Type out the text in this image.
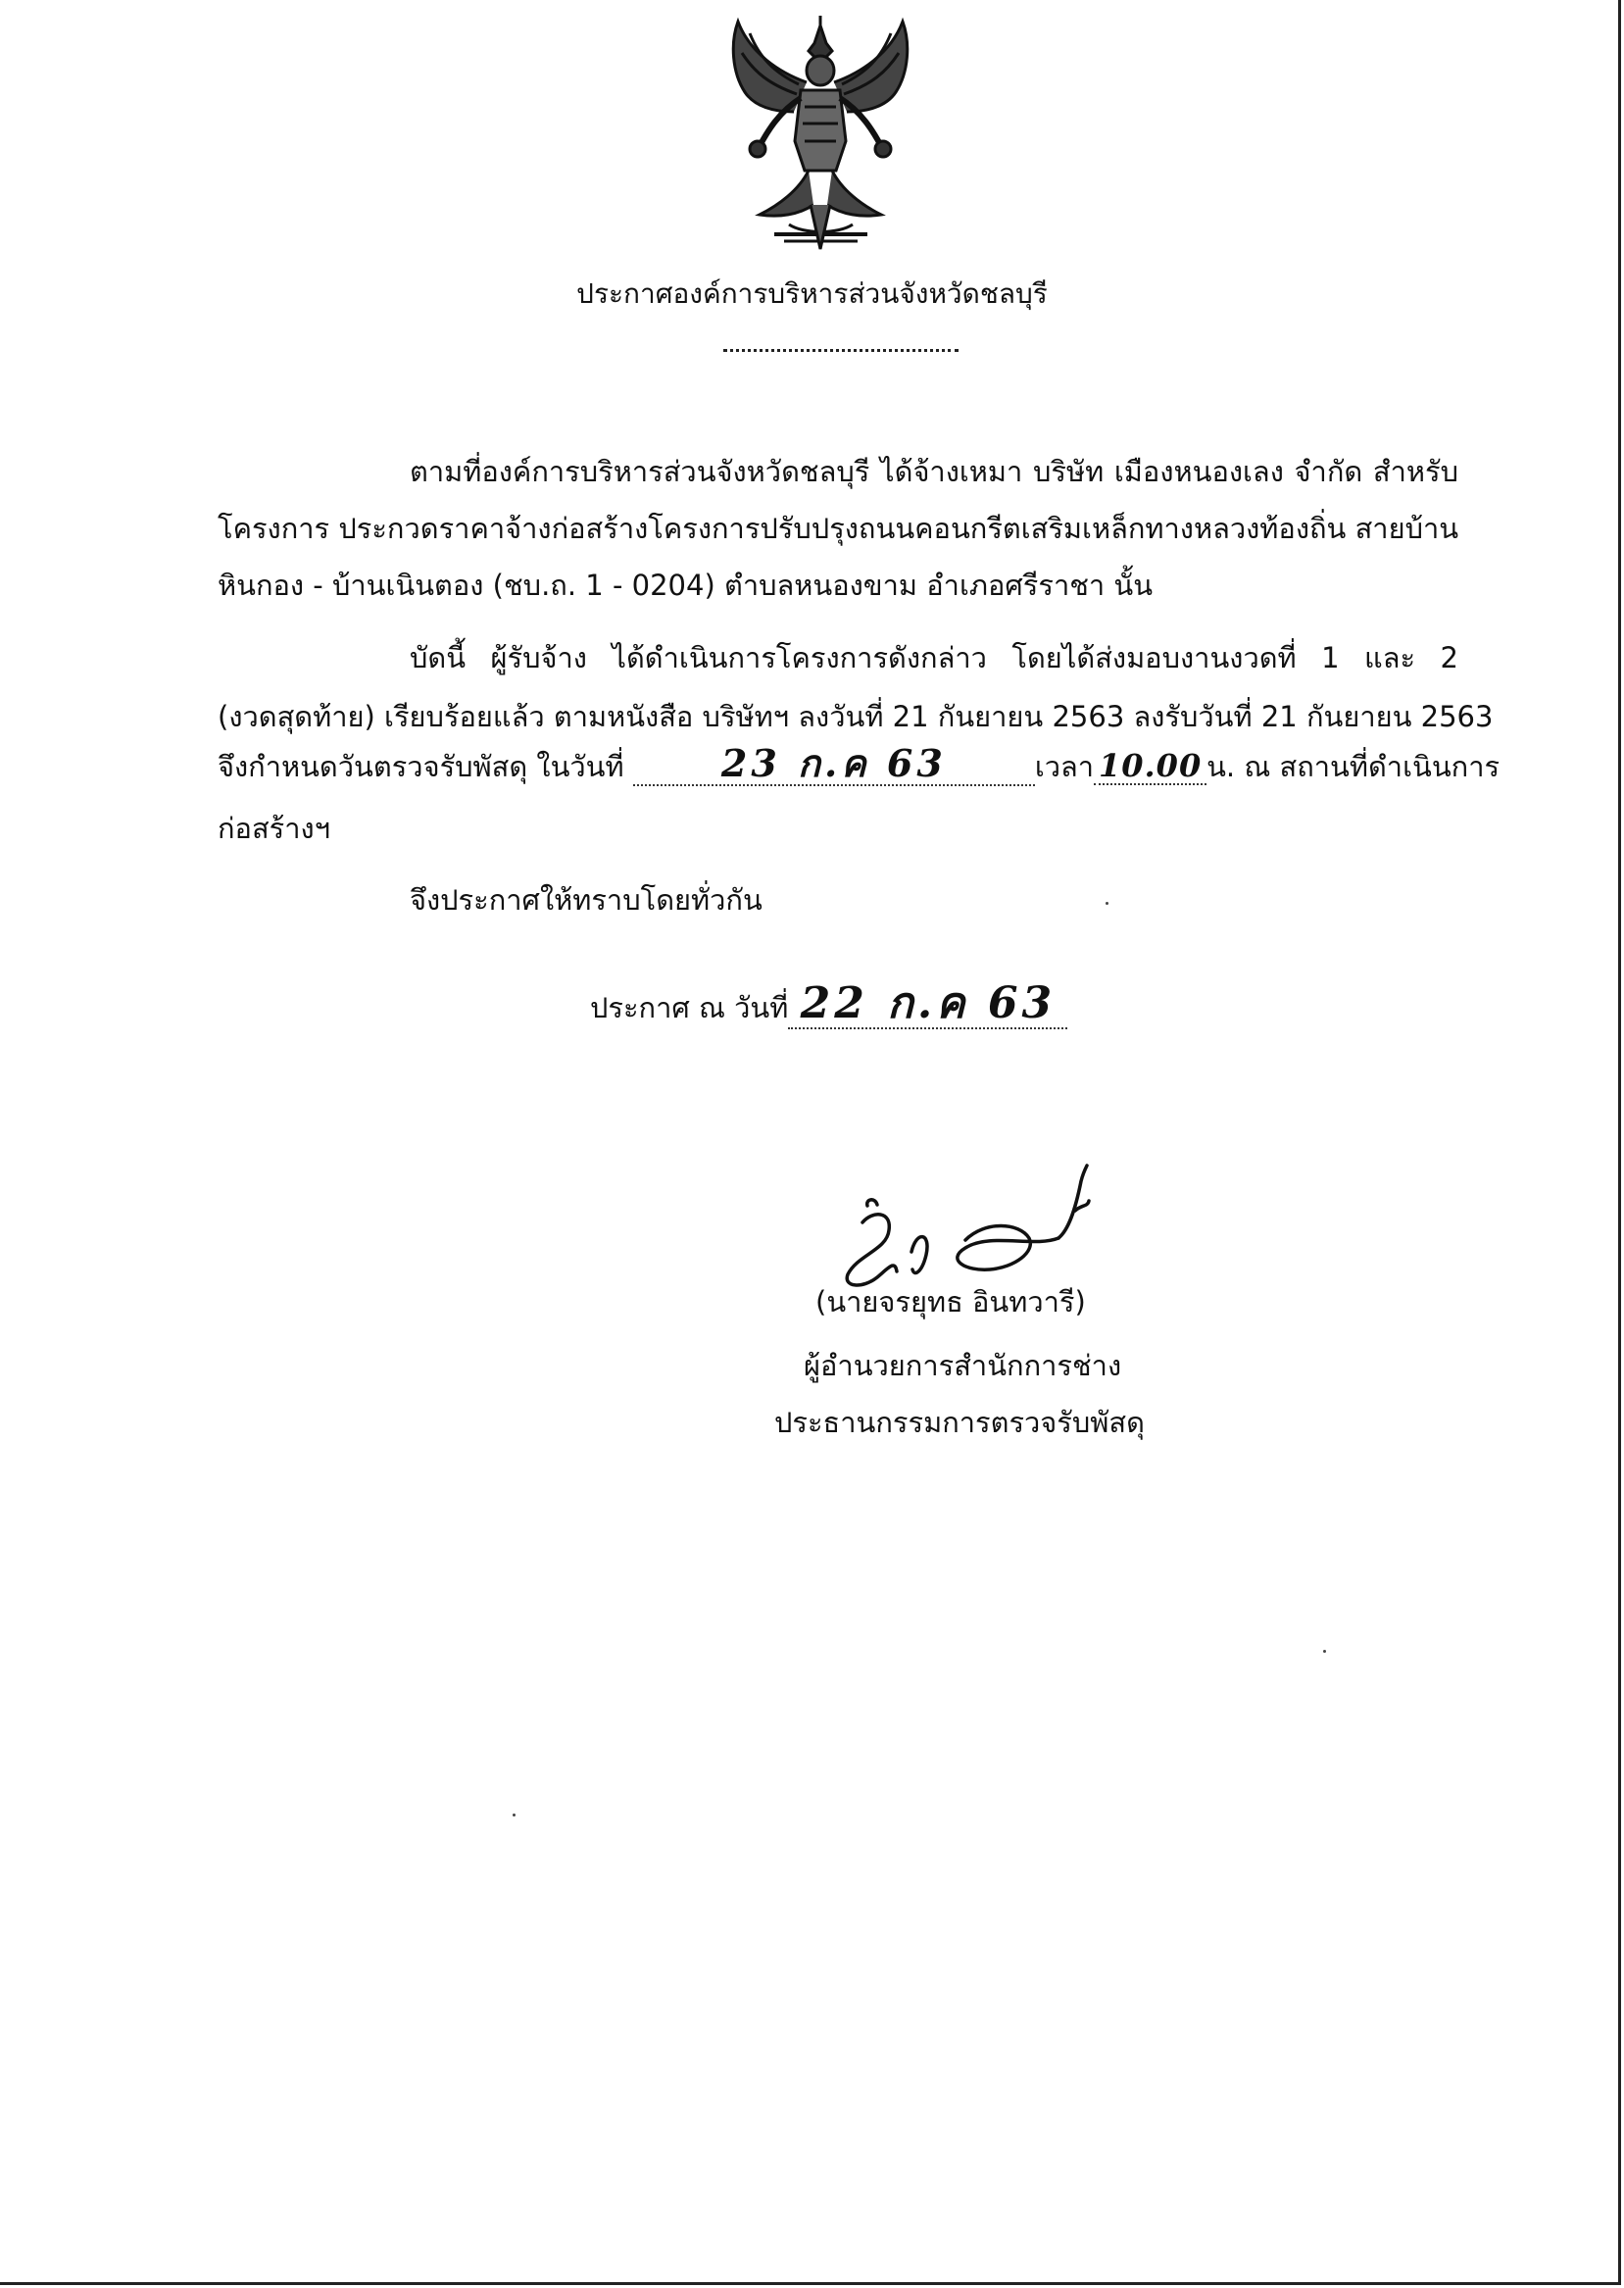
ประกาศองค์การบริหารส่วนจังหวัดชลบุรี
ตามที่องค์การบริหารส่วนจังหวัดชลบุรี ได้จ้างเหมา บริษัท เมืองหนองเลง จำกัด สำหรับ
โครงการ ประกวดราคาจ้างก่อสร้างโครงการปรับปรุงถนนคอนกรีตเสริมเหล็กทางหลวงท้องถิ่น สายบ้าน
หินกอง - บ้านเนินตอง (ชบ.ถ. 1 - 0204) ตำบลหนองขาม อำเภอศรีราชา นั้น
บัดนี้ ผู้รับจ้าง ได้ดำเนินการโครงการดังกล่าว โดยได้ส่งมอบงานงวดที่ 1 และ 2
(งวดสุดท้าย) เรียบร้อยแล้ว ตามหนังสือ บริษัทฯ ลงวันที่ 21 กันยายน 2563 ลงรับวันที่ 21 กันยายน 2563
จึงกำหนดวันตรวจรับพัสดุ ในวันที่	23 ก.ค 63	เวลา 10.00 น. ณ สถานที่ดำเนินการ
ก่อสร้างฯ
จึงประกาศให้ทราบโดยทั่วกัน
ประกาศ ณ วันที่ 22 ก.ค 63
(นายจรยุทธ อินทวารี)
ผู้อำนวยการสำนักการช่าง
ประธานกรรมการตรวจรับพัสดุ
